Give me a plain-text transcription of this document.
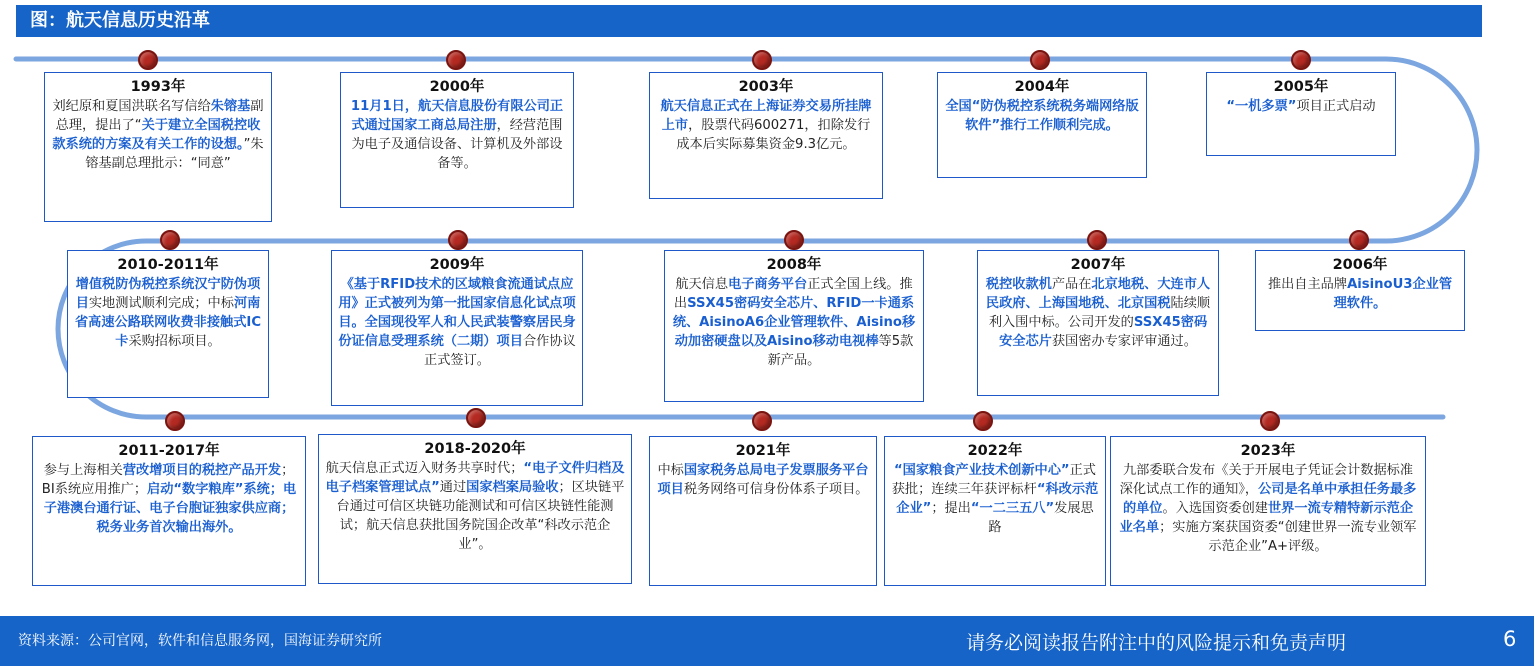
图：航天信息历史沿革
1993年
刘纪原和夏国洪联名写信给朱镕基副总理，提出了“关于建立全国税控收款系统的方案及有关工作的设想。”朱镕基副总理批示：“同意”
2000年
11月1日，航天信息股份有限公司正式通过国家工商总局注册，经营范围为电子及通信设备、计算机及外部设备等。
2003年
航天信息正式在上海证券交易所挂牌上市，股票代码600271，扣除发行成本后实际募集资金9.3亿元。
2004年
全国“防伪税控系统税务端网络版软件”推行工作顺利完成。
2005年
“一机多票”项目正式启动
2010-2011年
增值税防伪税控系统汉宁防伪项目实地测试顺利完成；中标河南省高速公路联网收费非接触式IC卡采购招标项目。
2009年
《基于RFID技术的区域粮食流通试点应用》正式被列为第一批国家信息化试点项目。全国现役军人和人民武装警察居民身份证信息受理系统（二期）项目合作协议正式签订。
2008年
航天信息电子商务平台正式全国上线。推出SSX45密码安全芯片、RFID一卡通系统、AisinoA6企业管理软件、Aisino移动加密硬盘以及Aisino移动电视棒等5款新产品。
2007年
税控收款机产品在北京地税、大连市人民政府、上海国地税、北京国税陆续顺利入围中标。公司开发的SSX45密码安全芯片获国密办专家评审通过。
2006年
推出自主品牌AisinoU3企业管理软件。
2011-2017年
参与上海相关营改增项目的税控产品开发；BI系统应用推广；启动“数字粮库”系统；电子港澳台通行证、电子台胞证独家供应商；税务业务首次输出海外。
2018-2020年
航天信息正式迈入财务共享时代；“电子文件归档及电子档案管理试点”通过国家档案局验收；区块链平台通过可信区块链功能测试和可信区块链性能测试；航天信息获批国务院国企改革“科改示范企业”。
2021年
中标国家税务总局电子发票服务平台项目税务网络可信身份体系子项目。
2022年
“国家粮食产业技术创新中心”正式获批；连续三年获评标杆“科改示范企业”；提出“一二三五八”发展思路
2023年
九部委联合发布《关于开展电子凭证会计数据标准深化试点工作的通知》，公司是名单中承担任务最多的单位。入选国资委创建世界一流专精特新示范企业名单；实施方案获国资委“创建世界一流专业领军示范企业”A+评级。
资料来源：公司官网，软件和信息服务网，国海证券研究所	请务必阅读报告附注中的风险提示和免责声明	6
